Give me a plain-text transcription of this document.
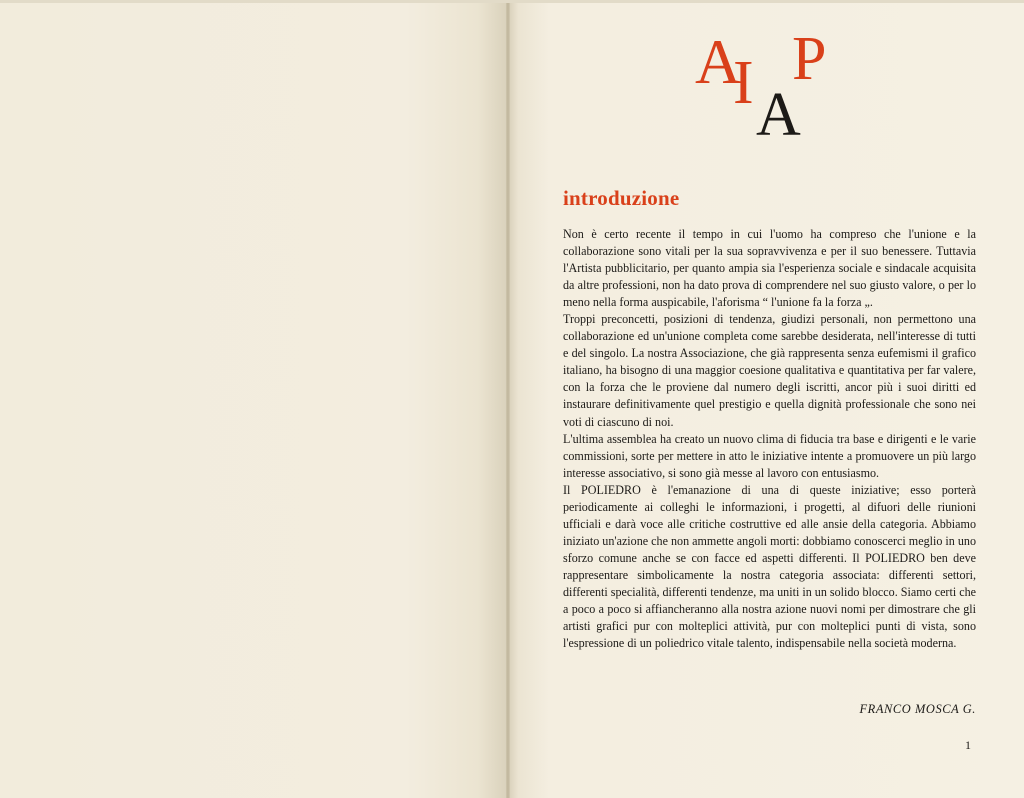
A
I P
A
introduzione

Non è certo recente il tempo in cui l'uomo ha compreso che l'unione e la collaborazione sono vitali per la sua sopravvivenza e per il suo benessere. Tuttavia l'Artista pubblicitario, per quanto ampia sia l'esperienza sociale e sindacale acquisita da altre professioni, non ha dato prova di comprendere nel suo giusto valore, o per lo meno nella forma auspicabile, l'aforisma “ l'unione fa la forza „.

Troppi preconcetti, posizioni di tendenza, giudizi personali, non permettono una collaborazione ed un'unione completa come sarebbe desiderata, nell'interesse di tutti e del singolo. La nostra Associazione, che già rappresenta senza eufemismi il grafico italiano, ha bisogno di una maggior coesione qualitativa e quantitativa per far valere, con la forza che le proviene dal numero degli iscritti, ancor più i suoi diritti ed instaurare definitivamente quel prestigio e quella dignità professionale che sono nei voti di ciascuno di noi.

L'ultima assemblea ha creato un nuovo clima di fiducia tra base e dirigenti e le varie commissioni, sorte per mettere in atto le iniziative intente a promuovere un più largo interesse associativo, si sono già messe al lavoro con entusiasmo.

Il POLIEDRO è l'emanazione di una di queste iniziative; esso porterà periodicamente ai colleghi le informazioni, i progetti, al difuori delle riunioni ufficiali e darà voce alle critiche costruttive ed alle ansie della categoria. Abbiamo iniziato un'azione che non ammette angoli morti: dobbiamo conoscerci meglio in uno sforzo comune anche se con facce ed aspetti differenti. Il POLIEDRO ben deve rappresentare simbolicamente la nostra categoria associata: differenti settori, differenti specialità, differenti tendenze, ma uniti in un solido blocco. Siamo certi che a poco a poco si affiancheranno alla nostra azione nuovi nomi per dimostrare che gli artisti grafici pur con molteplici attività, pur con molteplici punti di vista, sono l'espressione di un poliedrico vitale talento, indispensabile nella società moderna.

FRANCO MOSCA G.
1
